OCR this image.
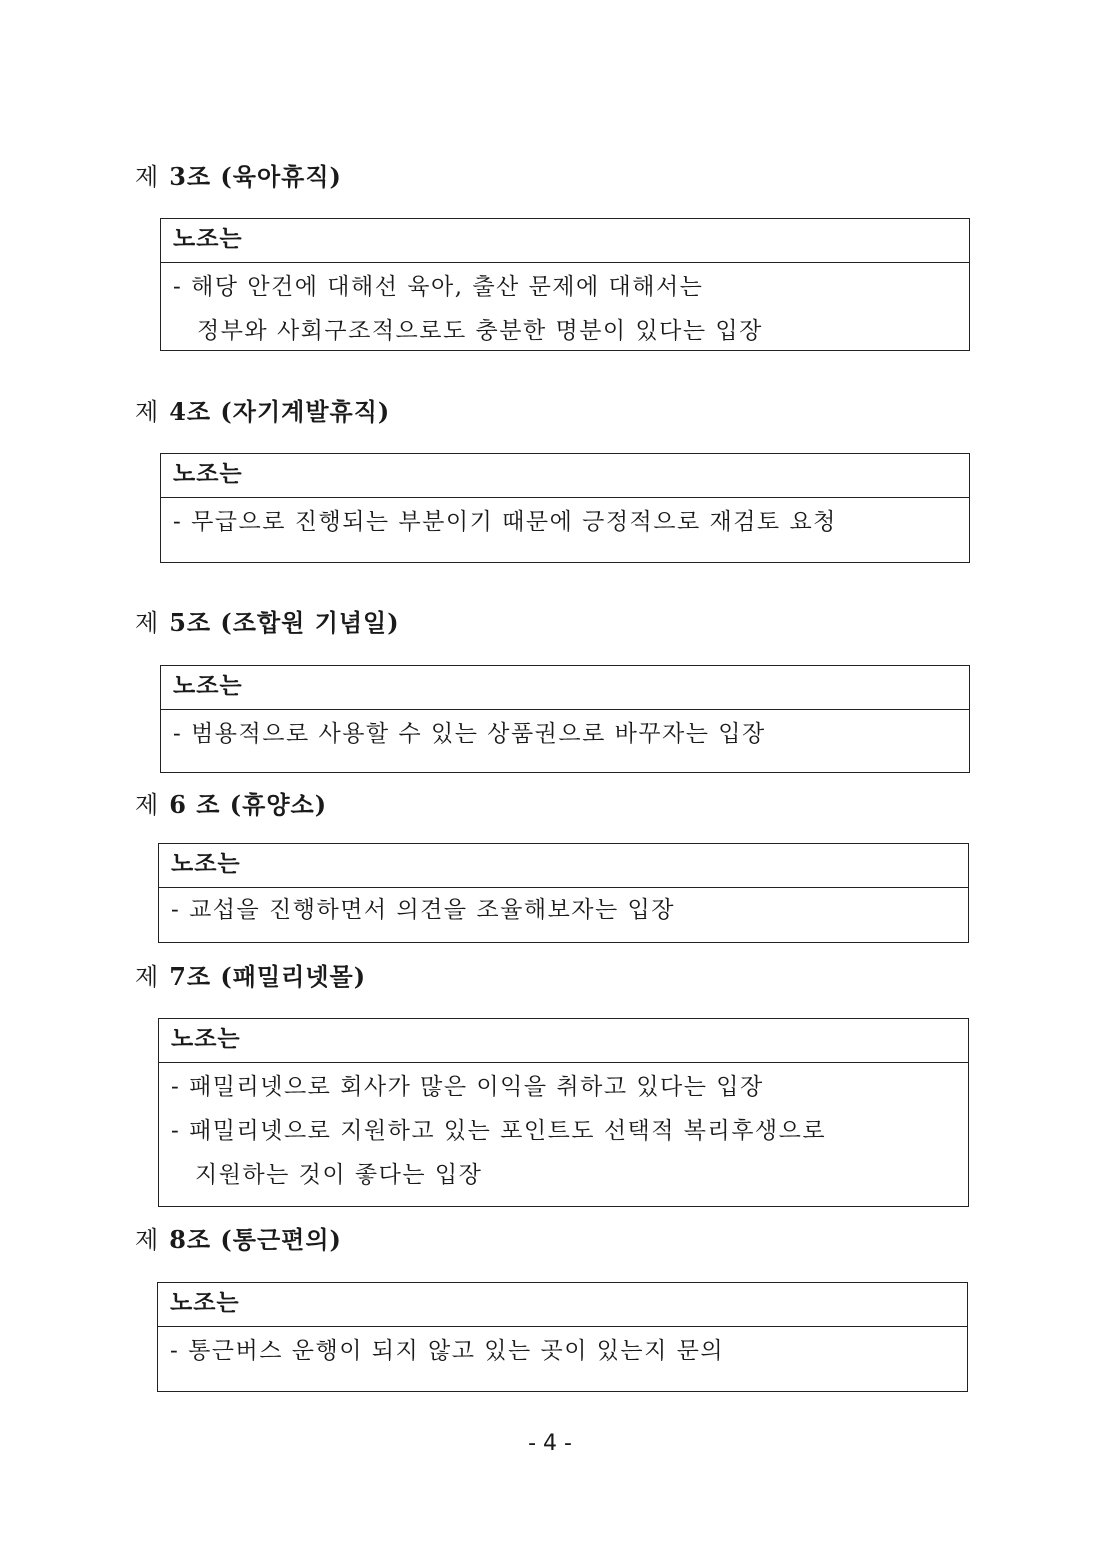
제 3조 (육아휴직)
노조는
- 해당 안건에 대해선 육아, 출산 문제에 대해서는
정부와 사회구조적으로도 충분한 명분이 있다는 입장
제 4조 (자기계발휴직)
노조는
- 무급으로 진행되는 부분이기 때문에 긍정적으로 재검토 요청
제 5조 (조합원 기념일)
노조는
- 범용적으로 사용할 수 있는 상품권으로 바꾸자는 입장
제 6 조 (휴양소)
노조는
- 교섭을 진행하면서 의견을 조율해보자는 입장
제 7조 (패밀리넷몰)
노조는
- 패밀리넷으로 회사가 많은 이익을 취하고 있다는 입장
- 패밀리넷으로 지원하고 있는 포인트도 선택적 복리후생으로
지원하는 것이 좋다는 입장
제 8조 (통근편의)
노조는
- 통근버스 운행이 되지 않고 있는 곳이 있는지 문의
- 4 -
